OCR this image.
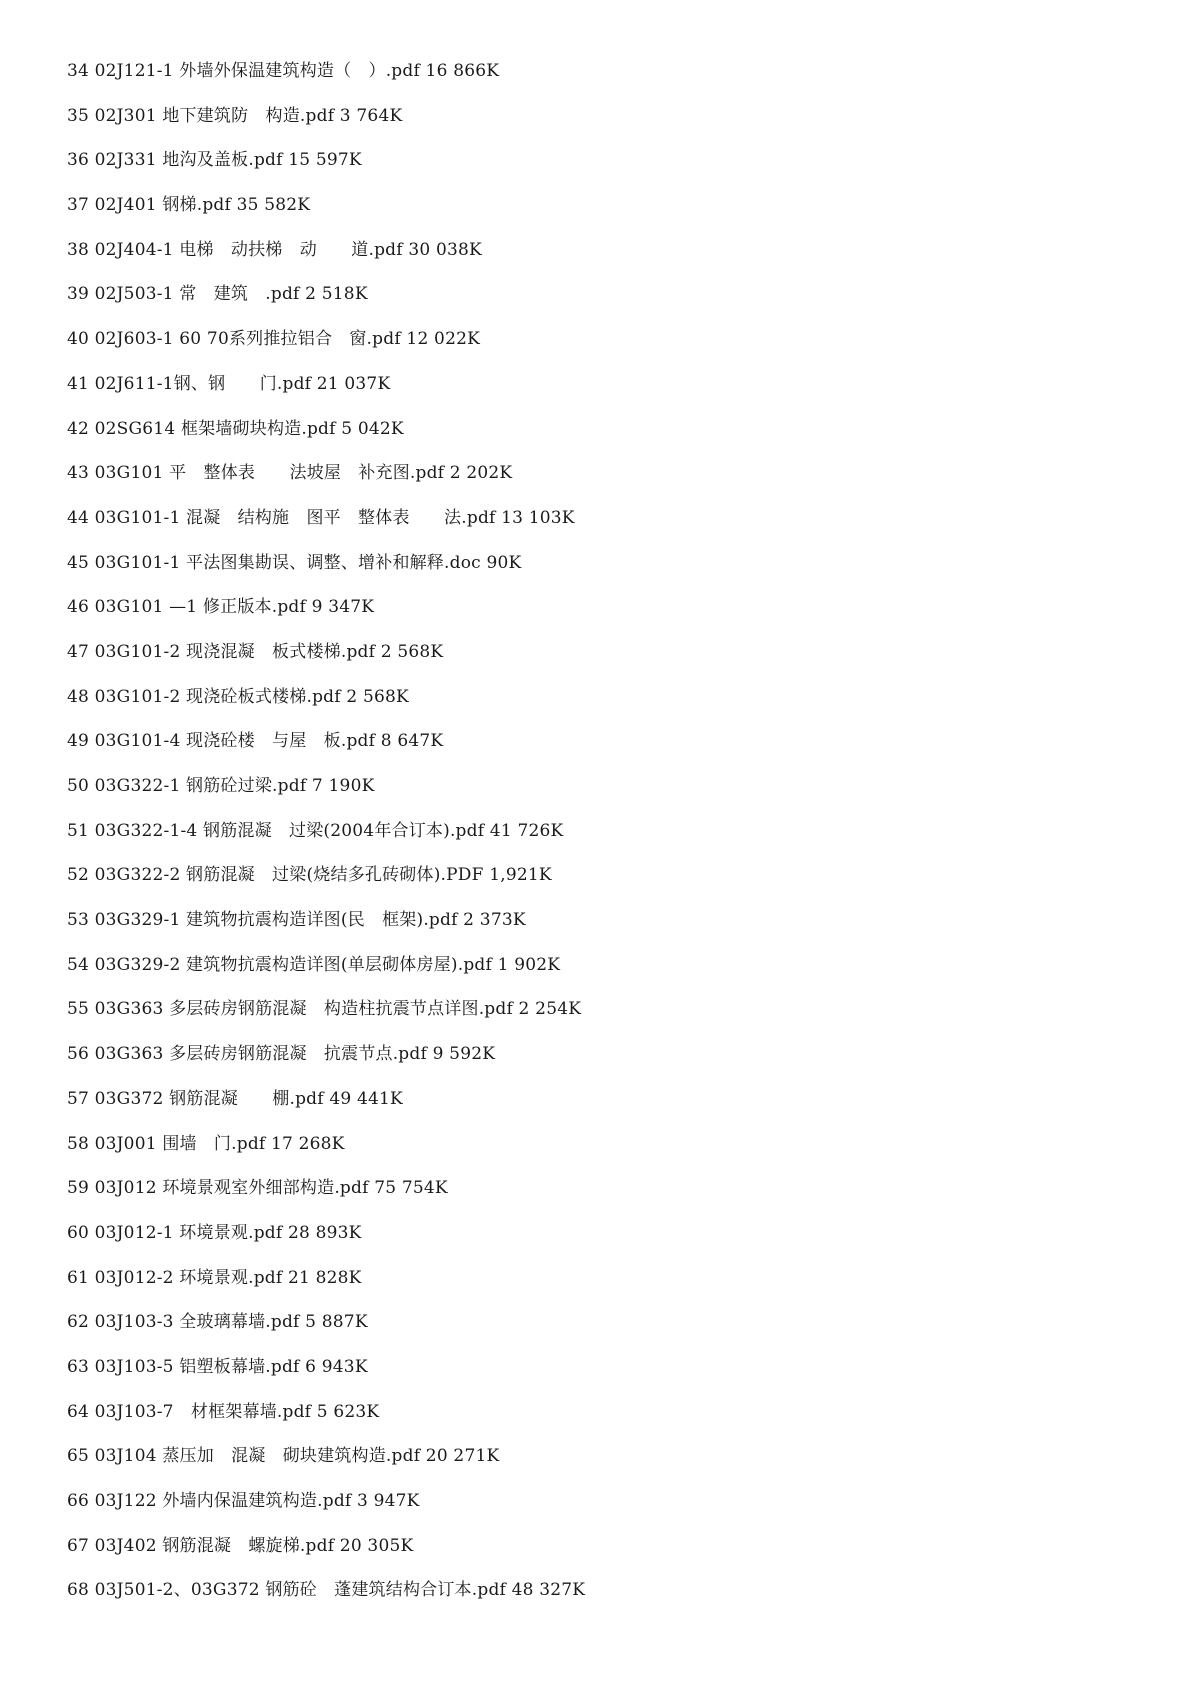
34 02J121-1 外墙外保温建筑构造（　）.pdf 16 866K
35 02J301 地下建筑防　构造.pdf 3 764K
36 02J331 地沟及盖板.pdf 15 597K
37 02J401 钢梯.pdf 35 582K
38 02J404-1 电梯　动扶梯　动　　道.pdf 30 038K
39 02J503-1 常　建筑　.pdf 2 518K
40 02J603-1 60 70系列推拉铝合　窗.pdf 12 022K
41 02J611-1钢、钢　　门.pdf 21 037K
42 02SG614 框架墙砌块构造.pdf 5 042K
43 03G101 平　整体表　　法坡屋　补充图.pdf 2 202K
44 03G101-1 混凝　结构施　图平　整体表　　法.pdf 13 103K
45 03G101-1 平法图集勘误、调整、增补和解释.doc 90K
46 03G101 —1 修正版本.pdf 9 347K
47 03G101-2 现浇混凝　板式楼梯.pdf 2 568K
48 03G101-2 现浇砼板式楼梯.pdf 2 568K
49 03G101-4 现浇砼楼　与屋　板.pdf 8 647K
50 03G322-1 钢筋砼过梁.pdf 7 190K
51 03G322-1-4 钢筋混凝　过梁(2004年合订本).pdf 41 726K
52 03G322-2 钢筋混凝　过梁(烧结多孔砖砌体).PDF 1,921K
53 03G329-1 建筑物抗震构造详图(民　框架).pdf 2 373K
54 03G329-2 建筑物抗震构造详图(单层砌体房屋).pdf 1 902K
55 03G363 多层砖房钢筋混凝　构造柱抗震节点详图.pdf 2 254K
56 03G363 多层砖房钢筋混凝　抗震节点.pdf 9 592K
57 03G372 钢筋混凝　　棚.pdf 49 441K
58 03J001 围墙　门.pdf 17 268K
59 03J012 环境景观室外细部构造.pdf 75 754K
60 03J012-1 环境景观.pdf 28 893K
61 03J012-2 环境景观.pdf 21 828K
62 03J103-3 全玻璃幕墙.pdf 5 887K
63 03J103-5 铝塑板幕墙.pdf 6 943K
64 03J103-7　材框架幕墙.pdf 5 623K
65 03J104 蒸压加　混凝　砌块建筑构造.pdf 20 271K
66 03J122 外墙内保温建筑构造.pdf 3 947K
67 03J402 钢筋混凝　螺旋梯.pdf 20 305K
68 03J501-2、03G372 钢筋砼　蓬建筑结构合订本.pdf 48 327K
